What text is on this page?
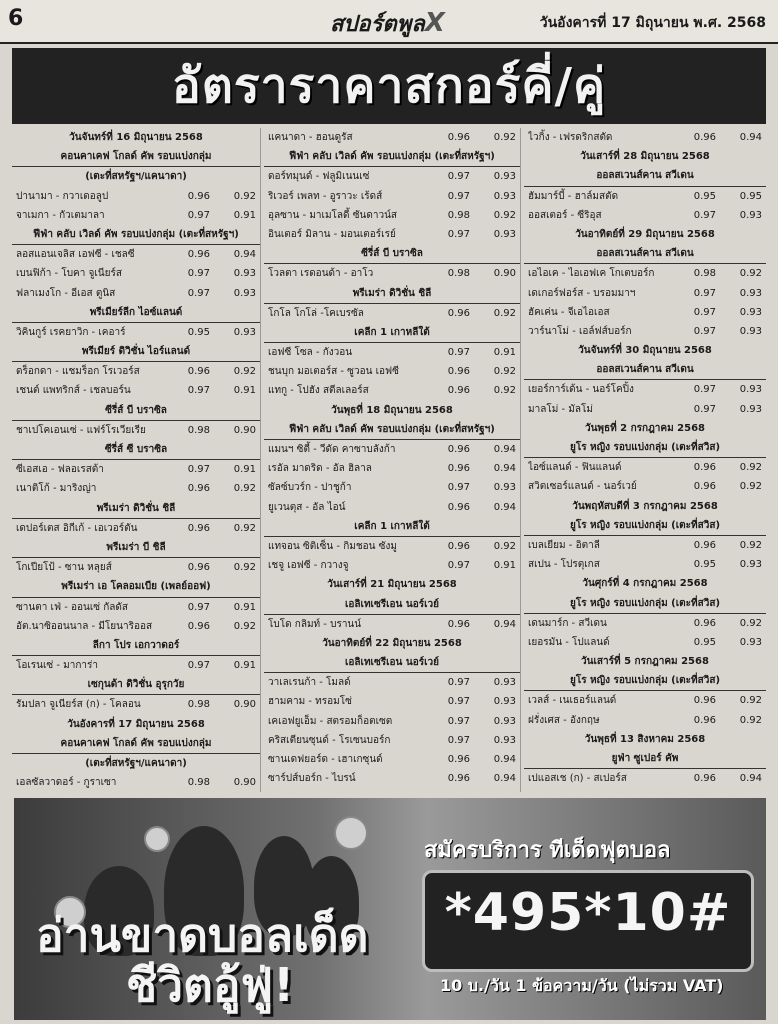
6	สปอร์ตพูลX	วันอังคารที่ 17 มิถุนายน พ.ศ. 2568
อัตราราคาสกอร์คี่/คู่
วันจันทร์ที่ 16 มิถุนายน 2568
คอนคาเคฟ โกลด์ คัพ รอบแบ่งกลุ่ม
(เตะที่สหรัฐฯ/แคนาดา)
ปานามา - กวาเดอลูป	0.96	0.92
จาเมกา - กัวเตมาลา	0.97	0.91
ฟีฟ่า คลับ เวิลด์ คัพ รอบแบ่งกลุ่ม (เตะที่สหรัฐฯ)
ลอสแอนเจลิส เอฟซี - เชลซี	0.96	0.94
เบนฟิก้า - โบคา จูเนียร์ส	0.97	0.93
ฟลาเมงโก - อีเอส ตูนิส	0.97	0.93
พรีเมียร์ลีก ไอซ์แลนด์
วิคินกูร์ เรคยาวิก - เคอาร์	0.95	0.93
พรีเมียร์ ดิวิชั่น ไอร์แลนด์
ดร็อกดา - แชมร็อก โรเวอร์ส	0.96	0.92
เชนต์ แพทริกส์ - เชลบอร์น	0.97	0.91
ซีรี่ส์ บี บราซิล
ชาเปโคเอนเซ่ - แฟร์โรเวียเรีย	0.98	0.90
ซีรี่ส์ ซี บราซิล
ซีเอสเอ - ฟลอเรสต้า	0.97	0.91
เนาติโก้ - มาริงญ่า	0.96	0.92
พรีเมร่า ดิวิชั่น ชิลี
เดปอร์เตส อิกีเก้ - เอเวอร์ตัน	0.96	0.92
พรีเมร่า บี ชิลี
โกเปียโป้ - ซาน หลุยส์	0.96	0.92
พรีเมร่า เอ โคลอมเบีย (เพลย์ออฟ)
ซานตา เฟ่ - ออนเซ่ กัลดัส	0.97	0.91
อัต.นาซิออนนาล - มีโยนาริออส	0.96	0.92
ลีกา โปร เอกวาดอร์
โอเรนเซ่ - มาการ่า	0.97	0.91
เซกุนด้า ดิวิชั่น อุรุกวัย
รัมปลา จูเนียร์ส (ก) - โคลอน	0.98	0.90
วันอังคารที่ 17 มิถุนายน 2568
คอนคาเคฟ โกลด์ คัพ รอบแบ่งกลุ่ม
(เตะที่สหรัฐฯ/แคนาดา)
เอลซัลวาดอร์ - กูราเซา	0.98	0.90
แคนาดา - ฮอนดูรัส	0.96	0.92
ฟีฟ่า คลับ เวิลด์ คัพ รอบแบ่งกลุ่ม (เตะที่สหรัฐฯ)
ดอร์ทมุนด์ - ฟลูมิเนนเซ่	0.97	0.93
ริเวอร์ เพลท - อูราวะ เร้ดส์	0.97	0.93
อุลซาน - มาเมโลดี้ ซันดาวน์ส	0.98	0.92
อินเตอร์ มิลาน - มอนเตอร์เรย์	0.97	0.93
ซีรี่ส์ บี บราซิล
โวลตา เรดอนด้า - อาโว	0.98	0.90
พรีเมร่า ดิวิชั่น ชิลี
โกโล โกโล่ -โคเบรซัล	0.96	0.92
เคลีก 1 เกาหลีใต้
เอฟซี โซล - กังวอน	0.97	0.91
ชนบุก มอเตอร์ส - ซูวอน เอฟซี	0.96	0.92
แทกู - โปฮัง สตีลเลอร์ส	0.96	0.92
วันพุธที่ 18 มิถุนายน 2568
ฟีฟ่า คลับ เวิลด์ คัพ รอบแบ่งกลุ่ม (เตะที่สหรัฐฯ)
แมนฯ ซิตี้ - วีดัด คาซาบลังก้า	0.96	0.94
เรอัล มาดริด - อัล ฮิลาล	0.96	0.94
ซัลซ์บวร์ก - ปาชูก้า	0.97	0.93
ยูเวนตุส - อัล ไอน์	0.96	0.94
เคลีก 1 เกาหลีใต้
แทจอน ซิติเซ็น - กิมชอน ซังมู	0.96	0.92
เชจู เอฟซี - กวางจู	0.97	0.91
วันเสาร์ที่ 21 มิถุนายน 2568
เอลิเทเซรีเอน นอร์เวย์
โบโด กลิมท์ - บรานน์	0.96	0.94
วันอาทิตย์ที่ 22 มิถุนายน 2568
เอลิเทเซรีเอน นอร์เวย์
วาเลเรนก้า - โมลด์	0.97	0.93
ฮามคาม - ทรอมโซ่	0.97	0.93
เคเอฟยูเอ็ม - สตรอมก็อตเซต	0.97	0.93
คริสเตียนซุนด์ - โรเซนบอร์ก	0.97	0.93
ซานเดฟยอร์ด - เฮาเกซุนด์	0.96	0.94
ซาร์ปส์บอร์ก - ไบรน์	0.96	0.94
ไวกิ้ง - เฟรดริกสตัด	0.96	0.94
วันเสาร์ที่ 28 มิถุนายน 2568
ออลสเวนส์คาน สวีเดน
ฮัมมาร์บี้ - ฮาล์มสตัด	0.95	0.95
ออสเตอร์ - ซีริอุส	0.97	0.93
วันอาทิตย์ที่ 29 มิถุนายน 2568
ออลสเวนส์คาน สวีเดน
เอไอเค - ไอเอฟเค โกเตบอร์ก	0.98	0.92
เดเกอร์ฟอร์ส - บรอมมาฯ	0.97	0.93
ฮัคเค่น - จีเอไอเอส	0.97	0.93
วาร์นาโม่ - เอล์ฟส์บอร์ก	0.97	0.93
วันจันทร์ที่ 30 มิถุนายน 2568
ออลสเวนส์คาน สวีเดน
เยอร์การ์เด้น - นอร์โคปิ้ง	0.97	0.93
มาลโม่ - มัลโม่	0.97	0.93
วันพุธที่ 2 กรกฎาคม 2568
ยูโร หญิง รอบแบ่งกลุ่ม (เตะที่สวิส)
ไอซ์แลนด์ - ฟินแลนด์	0.96	0.92
สวิตเซอร์แลนด์ - นอร์เวย์	0.96	0.92
วันพฤหัสบดีที่ 3 กรกฎาคม 2568
ยูโร หญิง รอบแบ่งกลุ่ม (เตะที่สวิส)
เบลเยียม - อิตาลี	0.96	0.92
สเปน - โปรตุเกส	0.95	0.93
วันศุกร์ที่ 4 กรกฎาคม 2568
ยูโร หญิง รอบแบ่งกลุ่ม (เตะที่สวิส)
เดนมาร์ก - สวีเดน	0.96	0.92
เยอรมัน - โปแลนด์	0.95	0.93
วันเสาร์ที่ 5 กรกฎาคม 2568
ยูโร หญิง รอบแบ่งกลุ่ม (เตะที่สวิส)
เวลส์ - เนเธอร์แลนด์	0.96	0.92
ฝรั่งเศส - อังกฤษ	0.96	0.92
วันพุธที่ 13 สิงหาคม 2568
ยูฟ่า ซูเปอร์ คัพ
เปแอสเช (ก) - สเปอร์ส	0.96	0.94
อ่านขาดบอลเด็ด
ชีวิตอู้ฟู่!
สมัครบริการ ทีเด็ดฟุตบอล
*495*10#
10 บ./วัน 1 ข้อความ/วัน (ไม่รวม VAT)
